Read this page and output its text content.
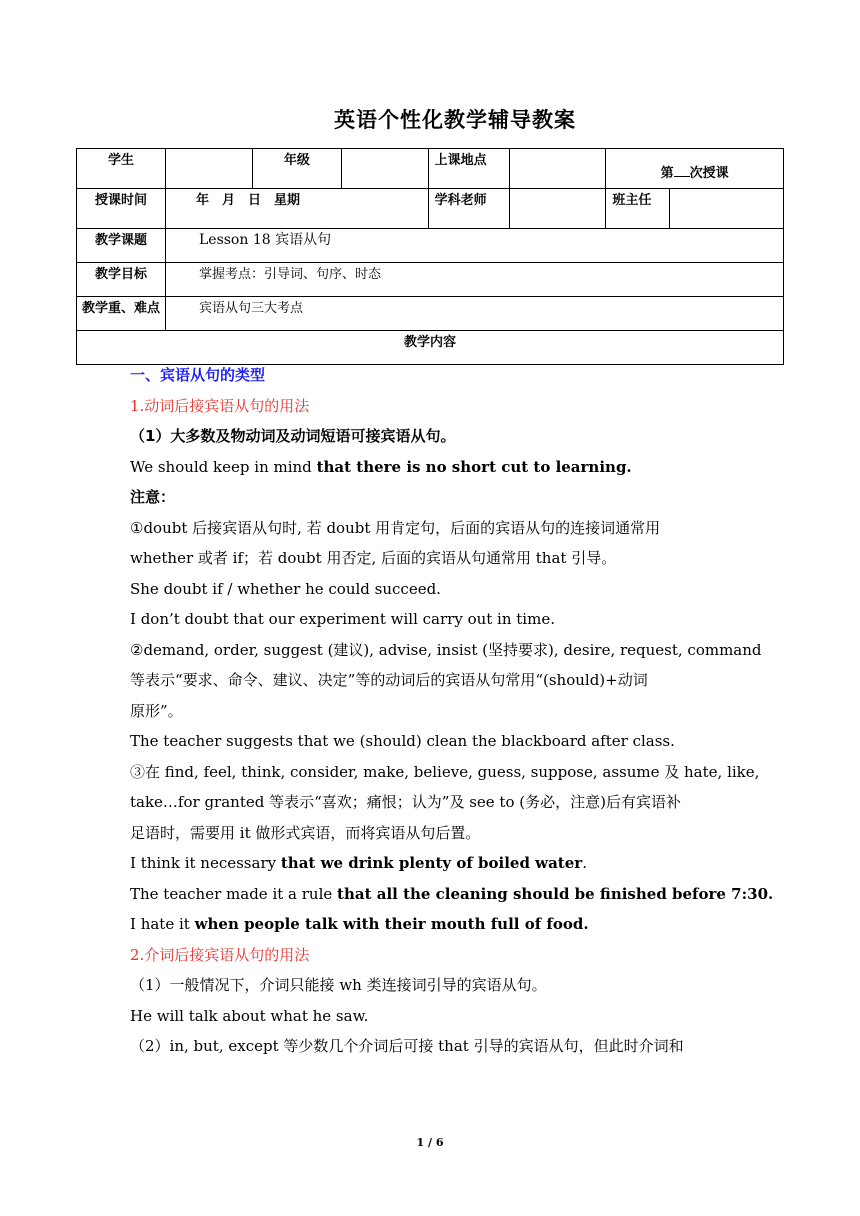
英语个性化教学辅导教案
学生		年级		上课地点		第 次授课	
授课时间	年　月　日　星期			学科老师		班主任	
教学课题	Lesson 18 宾语从句						
教学目标	掌握考点：引导词、句序、时态						
教学重、难点	宾语从句三大考点						
教学内容							
一、宾语从句的类型
1.动词后接宾语从句的用法
（1）大多数及物动词及动词短语可接宾语从句。
We should keep in mind that there is no short cut to learning.
注意：
①doubt 后接宾语从句时, 若 doubt 用肯定句，后面的宾语从句的连接词通常用
whether 或者 if；若 doubt 用否定, 后面的宾语从句通常用 that 引导。
She doubt if / whether he could succeed.
I don’t doubt that our experiment will carry out in time.
②demand, order, suggest (建议), advise, insist (坚持要求), desire, request, command
等表示“要求、命令、建议、决定”等的动词后的宾语从句常用“(should)+动词
原形”。
The teacher suggests that we (should) clean the blackboard after class.
③在 find, feel, think, consider, make, believe, guess, suppose, assume 及 hate, like,
take…for granted 等表示“喜欢；痛恨；认为”及 see to (务必，注意)后有宾语补
足语时，需要用 it 做形式宾语，而将宾语从句后置。
I think it necessary that we drink plenty of boiled water.
The teacher made it a rule that all the cleaning should be finished before 7:30.
I hate it when people talk with their mouth full of food.
2.介词后接宾语从句的用法
（1）一般情况下，介词只能接 wh 类连接词引导的宾语从句。
He will talk about what he saw.
（2）in, but, except 等少数几个介词后可接 that 引导的宾语从句，但此时介词和
1 / 6
